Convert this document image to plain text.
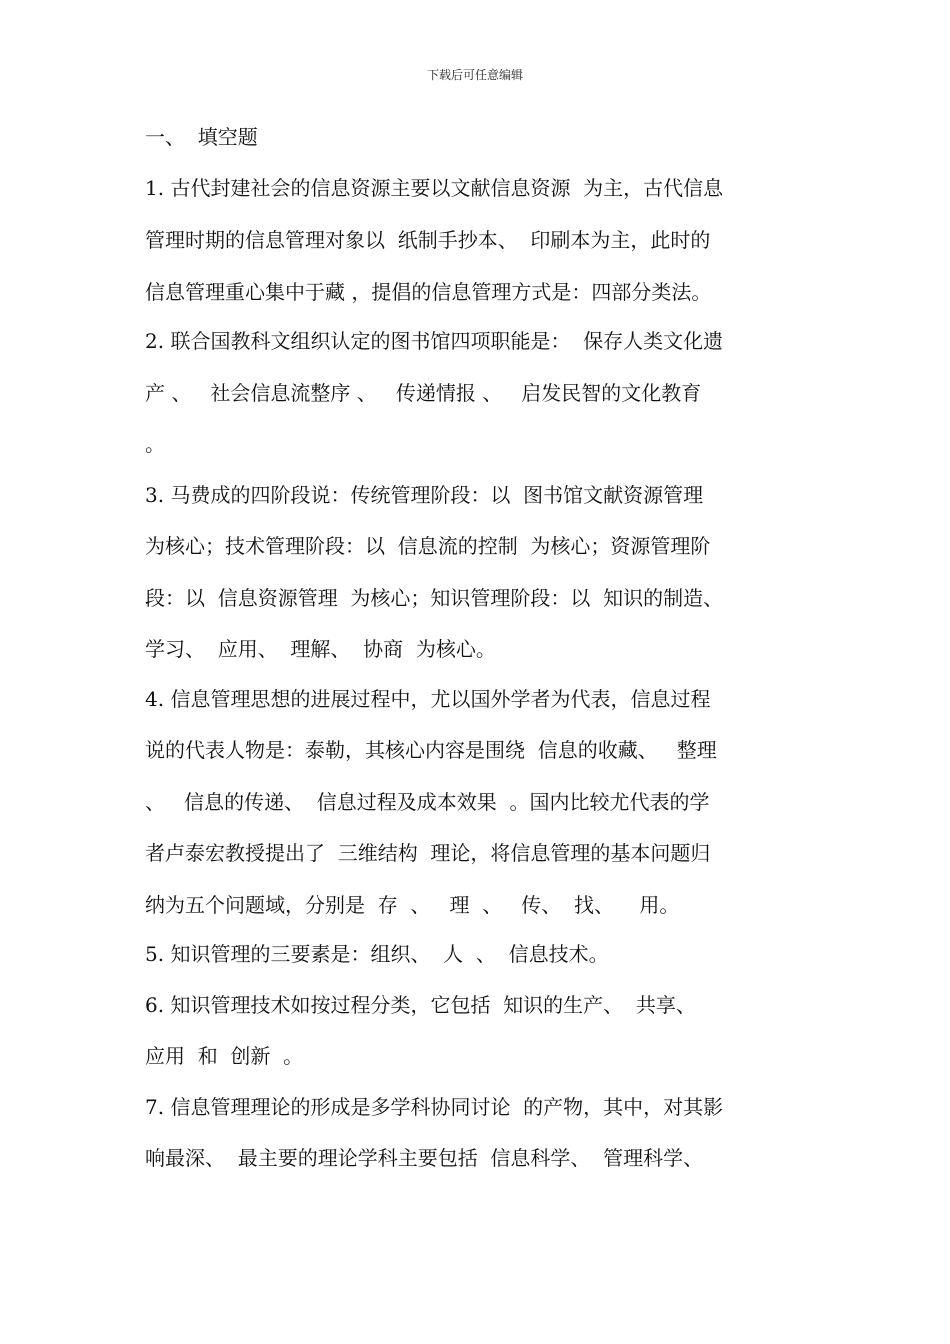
下载后可任意编辑
一、  填空题
1. 古代封建社会的信息资源主要以文献信息资源  为主，古代信息
管理时期的信息管理对象以  纸制手抄本、  印刷本为主，此时的
信息管理重心集中于藏 ，提倡的信息管理方式是：四部分类法。
2. 联合国教科文组织认定的图书馆四项职能是：  保存人类文化遗
产 、   社会信息流整序 、   传递情报 、   启发民智的文化教育
。
3. 马费成的四阶段说：传统管理阶段：以  图书馆文献资源管理
为核心；技术管理阶段：以  信息流的控制  为核心；资源管理阶
段：以  信息资源管理  为核心；知识管理阶段：以  知识的制造、
学习、  应用、  理解、  协商  为核心。
4. 信息管理思想的进展过程中，尤以国外学者为代表，信息过程
说的代表人物是：泰勒，其核心内容是围绕  信息的收藏、   整理
、   信息的传递、  信息过程及成本效果  。国内比较尤代表的学
者卢泰宏教授提出了  三维结构  理论，将信息管理的基本问题归
纳为五个问题域，分别是  存  、   理  、   传、  找、    用。
5. 知识管理的三要素是：组织、  人  、  信息技术。
6. 知识管理技术如按过程分类，它包括  知识的生产、  共享、
应用  和  创新  。
7. 信息管理理论的形成是多学科协同讨论  的产物，其中，对其影
响最深、  最主要的理论学科主要包括  信息科学、  管理科学、
